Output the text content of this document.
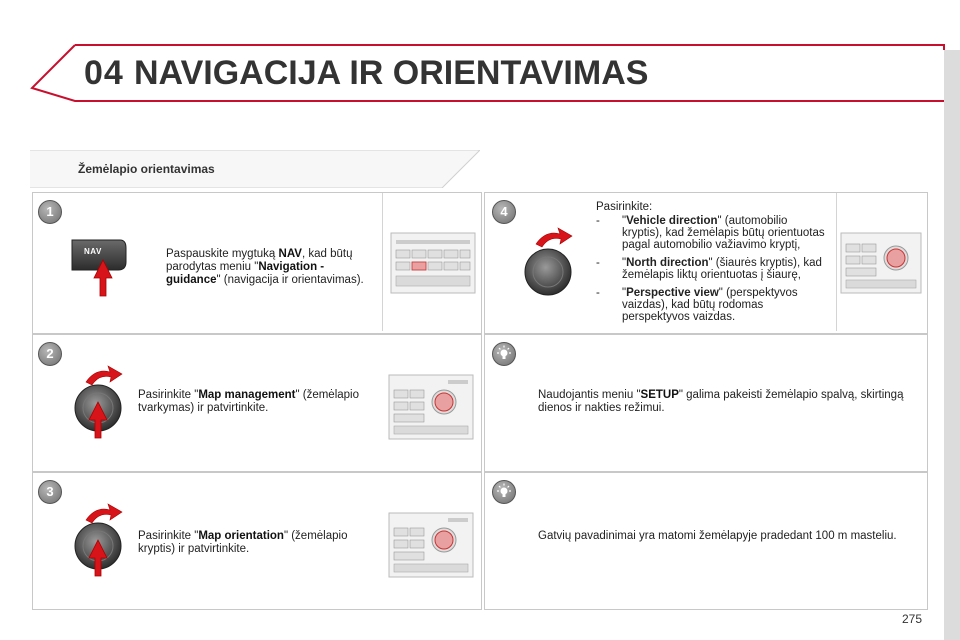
04 NAVIGACIJA IR ORIENTAVIMAS
Žemėlapio orientavimas
1
2
3
4
NAV	Paspauskite mygtuką NAV, kad būtų parodytas meniu "Navigation - guidance" (navigacija ir orientavimas).
Pasirinkite "Map management" (žemėlapio tvarkymas) ir patvirtinkite.
Pasirinkite "Map orientation" (žemėlapio kryptis) ir patvirtinkite.
Pasirinkite:
- "Vehicle direction" (automobilio kryptis), kad žemėlapis būtų orientuotas pagal automobilio važiavimo kryptį,
- "North direction" (šiaurės kryptis), kad žemėlapis liktų orientuotas į šiaurę,
- "Perspective view" (perspektyvos vaizdas), kad būtų rodomas perspektyvos vaizdas.
Naudojantis meniu "SETUP" galima pakeisti žemėlapio spalvą, skirtingą dienos ir nakties režimui.
Gatvių pavadinimai yra matomi žemėlapyje pradedant 100 m masteliu.
275
